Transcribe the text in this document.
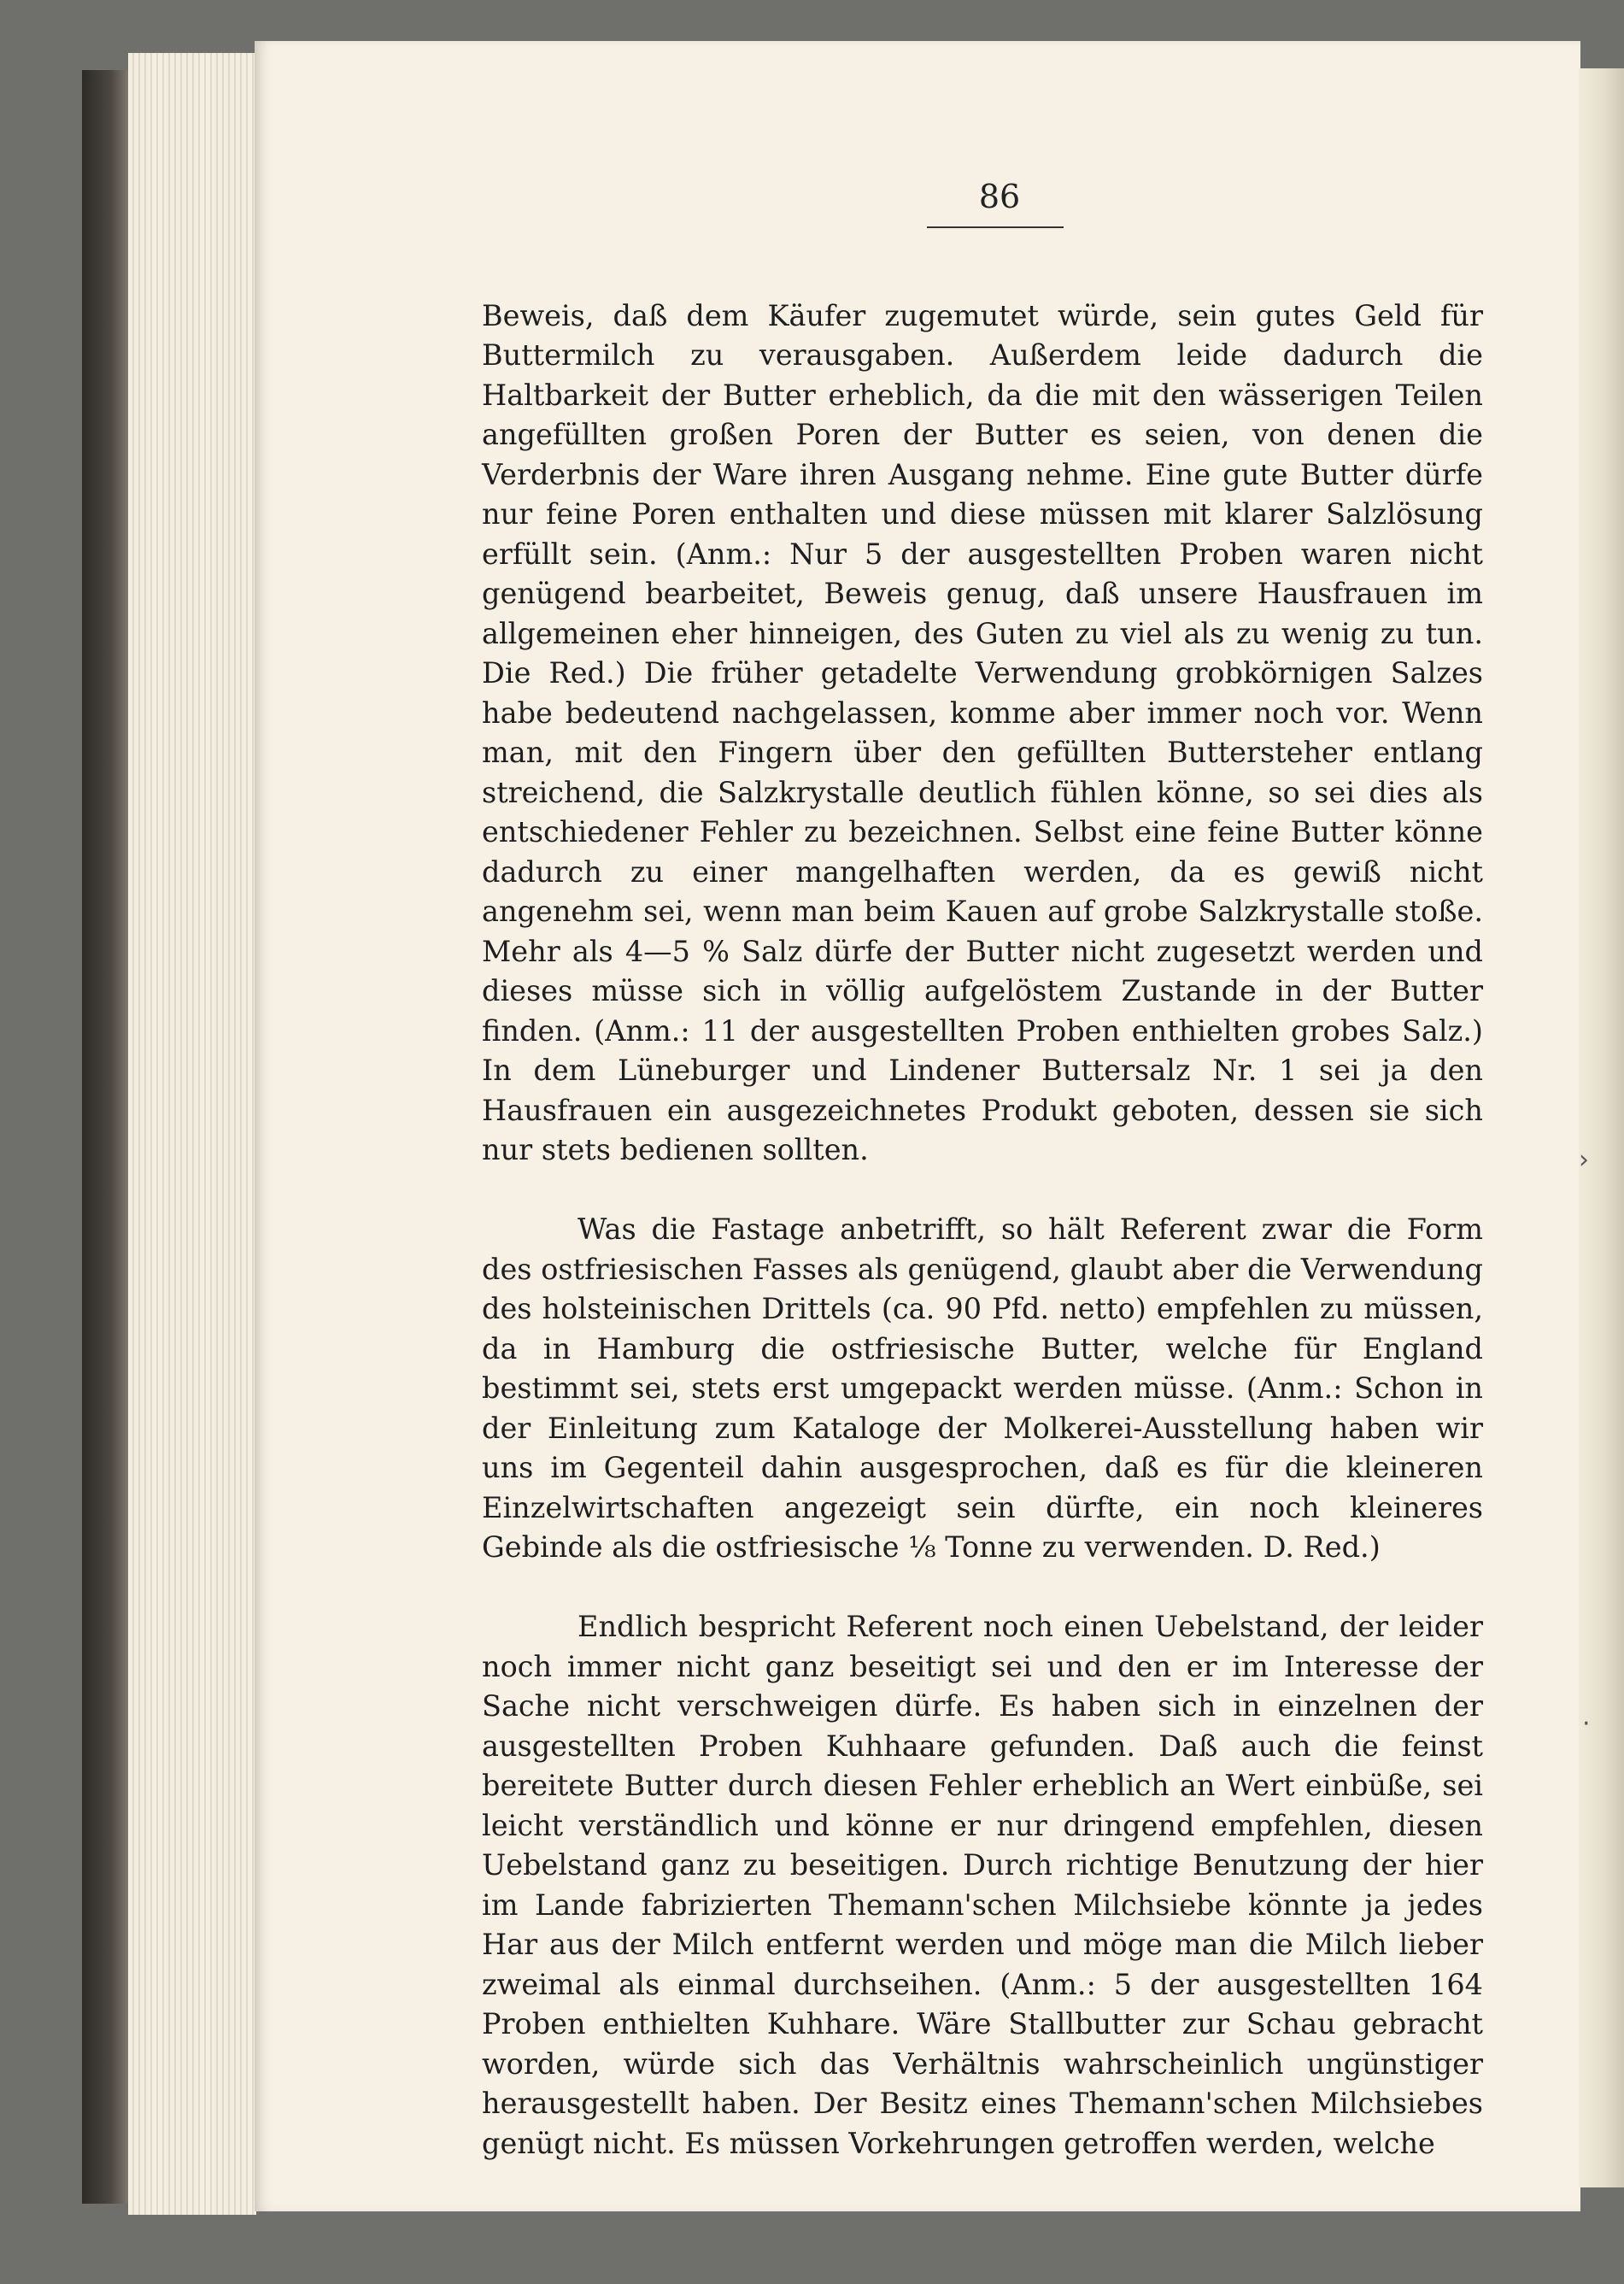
86

Beweis, daß dem Käufer zugemutet würde, sein gutes Geld für Buttermilch zu verausgaben. Außerdem leide dadurch die Haltbarkeit der Butter erheblich, da die mit den wässerigen Teilen angefüllten großen Poren der Butter es seien, von denen die Verderbnis der Ware ihren Ausgang nehme. Eine gute Butter dürfe nur feine Poren enthalten und diese müssen mit klarer Salzlösung erfüllt sein. (Anm.: Nur 5 der ausgestellten Proben waren nicht genügend bearbeitet, Beweis genug, daß unsere Hausfrauen im allgemeinen eher hinneigen, des Guten zu viel als zu wenig zu tun. Die Red.) Die früher getadelte Verwendung grobkörnigen Salzes habe bedeutend nachgelassen, komme aber immer noch vor. Wenn man, mit den Fingern über den gefüllten Buttersteher entlang streichend, die Salzkrystalle deutlich fühlen könne, so sei dies als entschiedener Fehler zu bezeichnen. Selbst eine feine Butter könne dadurch zu einer mangelhaften werden, da es gewiß nicht angenehm sei, wenn man beim Kauen auf grobe Salzkrystalle stoße. Mehr als 4—5 % Salz dürfe der Butter nicht zugesetzt werden und dieses müsse sich in völlig aufgelöstem Zustande in der Butter finden. (Anm.: 11 der ausgestellten Proben enthielten grobes Salz.) In dem Lüneburger und Lindener Buttersalz Nr. 1 sei ja den Hausfrauen ein ausgezeichnetes Produkt geboten, dessen sie sich nur stets bedienen sollten.

Was die Fastage anbetrifft, so hält Referent zwar die Form des ostfriesischen Fasses als genügend, glaubt aber die Verwendung des holsteinischen Drittels (ca. 90 Pfd. netto) empfehlen zu müssen, da in Hamburg die ostfriesische Butter, welche für England bestimmt sei, stets erst umgepackt werden müsse. (Anm.: Schon in der Einleitung zum Kataloge der Molkerei-Ausstellung haben wir uns im Gegenteil dahin ausgesprochen, daß es für die kleineren Einzelwirtschaften angezeigt sein dürfte, ein noch kleineres Gebinde als die ostfriesische ⅛ Tonne zu verwenden. D. Red.)

Endlich bespricht Referent noch einen Uebelstand, der leider noch immer nicht ganz beseitigt sei und den er im Interesse der Sache nicht verschweigen dürfe. Es haben sich in einzelnen der ausgestellten Proben Kuhhaare gefunden. Daß auch die feinst bereitete Butter durch diesen Fehler erheblich an Wert einbüße, sei leicht verständlich und könne er nur dringend empfehlen, diesen Uebelstand ganz zu beseitigen. Durch richtige Benutzung der hier im Lande fabrizierten Themann'schen Milchsiebe könnte ja jedes Har aus der Milch entfernt werden und möge man die Milch lieber zweimal als einmal durchseihen. (Anm.: 5 der ausgestellten 164 Proben enthielten Kuhhare. Wäre Stallbutter zur Schau gebracht worden, würde sich das Verhältnis wahrscheinlich ungünstiger herausgestellt haben. Der Besitz eines Themann'schen Milchsiebes genügt nicht. Es müssen Vorkehrungen getroffen werden, welche

›
·
